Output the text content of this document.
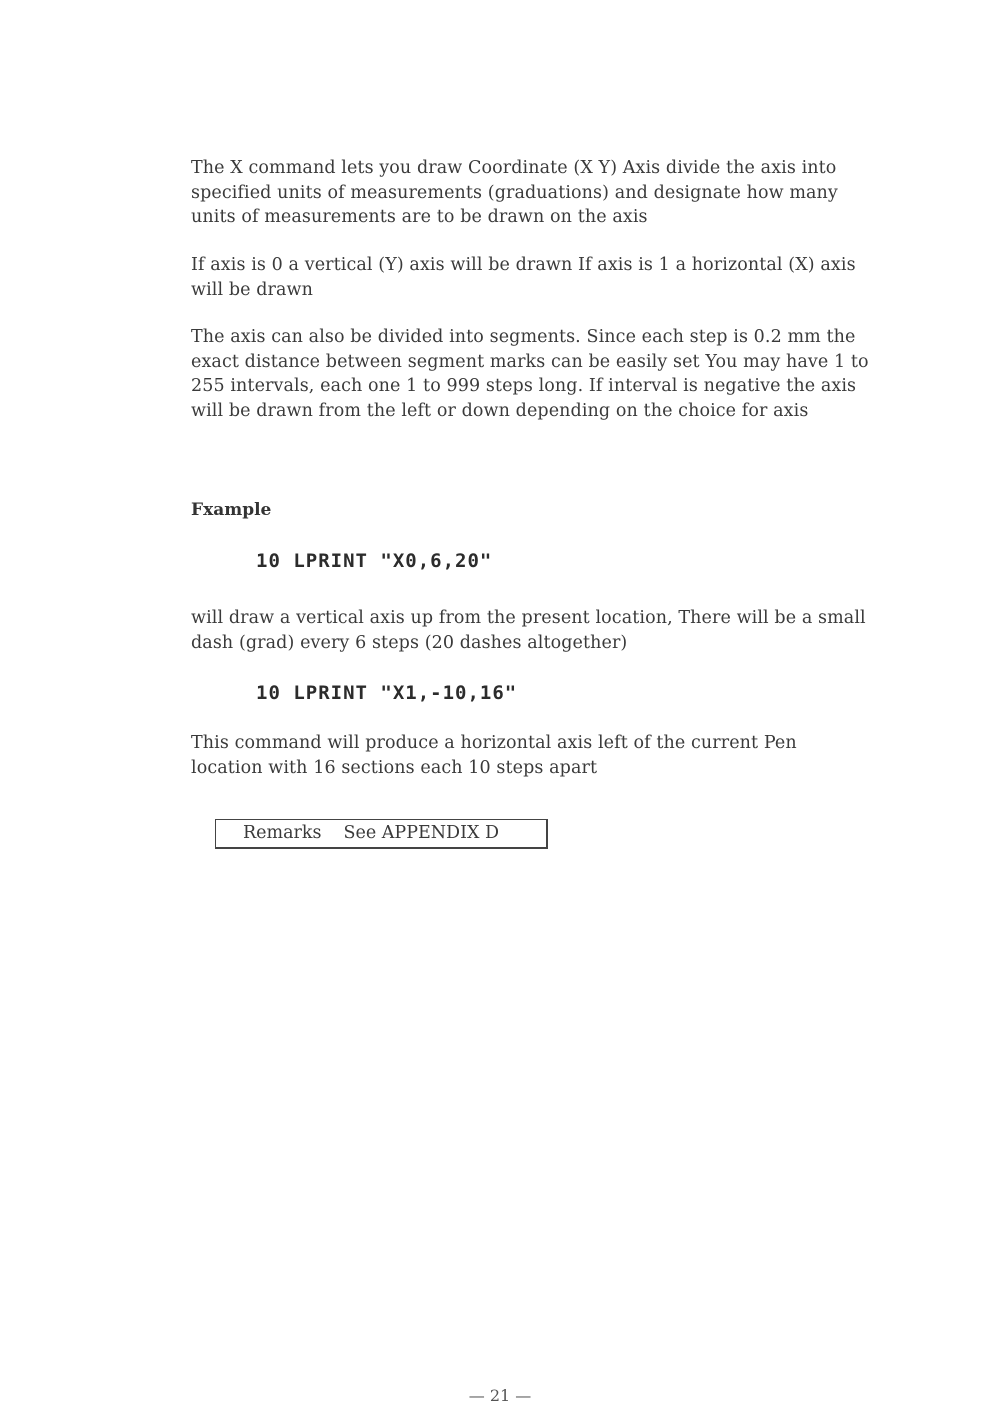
The X command lets you draw Coordinate (X Y) Axis divide the axis into specified units of measurements (graduations) and designate how many units of measurements are to be drawn on the axis

If axis is 0 a vertical (Y) axis will be drawn If axis is 1 a horizontal (X) axis will be drawn

The axis can also be divided into segments. Since each step is 0.2 mm the exact distance between segment marks can be easily set You may have 1 to 255 intervals, each one 1 to 999 steps long. If interval is negative the axis will be drawn from the left or down depending on the choice for axis

Fxample

10 LPRINT "X0,6,20"

will draw a vertical axis up from the present location, There will be a small dash (grad) every 6 steps (20 dashes altogether)

10 LPRINT "X1,-10,16"

This command will produce a horizontal axis left of the current Pen location with 16 sections each 10 steps apart

Remarks See APPENDIX D

— 21 —
